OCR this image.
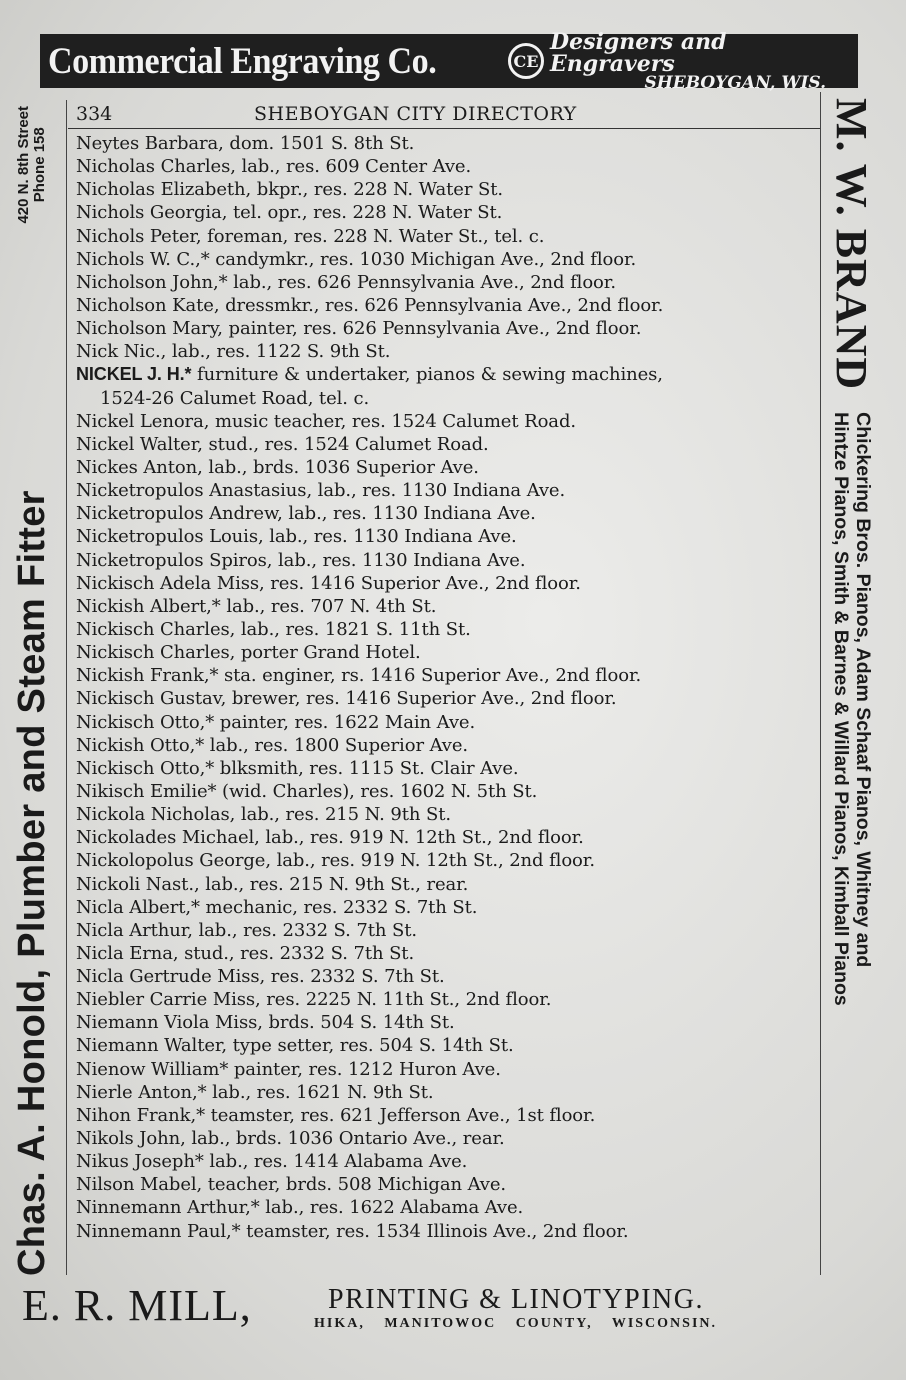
Commercial Engraving Co.	CE
Designers and Engravers
SHEBOYGAN, WIS.
Chas. A. Honold, Plumber and Steam Fitter
420 N. 8th Street
Phone 158
334	SHEBOYGAN CITY DIRECTORY
Neytes Barbara, dom. 1501 S. 8th St.
Nicholas Charles, lab., res. 609 Center Ave.
Nicholas Elizabeth, bkpr., res. 228 N. Water St.
Nichols Georgia, tel. opr., res. 228 N. Water St.
Nichols Peter, foreman, res. 228 N. Water St., tel. c.
Nichols W. C.,* candymkr., res. 1030 Michigan Ave., 2nd floor.
Nicholson John,* lab., res. 626 Pennsylvania Ave., 2nd floor.
Nicholson Kate, dressmkr., res. 626 Pennsylvania Ave., 2nd floor.
Nicholson Mary, painter, res. 626 Pennsylvania Ave., 2nd floor.
Nick Nic., lab., res. 1122 S. 9th St.
NICKEL J. H.* furniture & undertaker, pianos & sewing machines,
1524-26 Calumet Road, tel. c.
Nickel Lenora, music teacher, res. 1524 Calumet Road.
Nickel Walter, stud., res. 1524 Calumet Road.
Nickes Anton, lab., brds. 1036 Superior Ave.
Nicketropulos Anastasius, lab., res. 1130 Indiana Ave.
Nicketropulos Andrew, lab., res. 1130 Indiana Ave.
Nicketropulos Louis, lab., res. 1130 Indiana Ave.
Nicketropulos Spiros, lab., res. 1130 Indiana Ave.
Nickisch Adela Miss, res. 1416 Superior Ave., 2nd floor.
Nickish Albert,* lab., res. 707 N. 4th St.
Nickisch Charles, lab., res. 1821 S. 11th St.
Nickisch Charles, porter Grand Hotel.
Nickish Frank,* sta. enginer, rs. 1416 Superior Ave., 2nd floor.
Nickisch Gustav, brewer, res. 1416 Superior Ave., 2nd floor.
Nickisch Otto,* painter, res. 1622 Main Ave.
Nickish Otto,* lab., res. 1800 Superior Ave.
Nickisch Otto,* blksmith, res. 1115 St. Clair Ave.
Nikisch Emilie* (wid. Charles), res. 1602 N. 5th St.
Nickola Nicholas, lab., res. 215 N. 9th St.
Nickolades Michael, lab., res. 919 N. 12th St., 2nd floor.
Nickolopolus George, lab., res. 919 N. 12th St., 2nd floor.
Nickoli Nast., lab., res. 215 N. 9th St., rear.
Nicla Albert,* mechanic, res. 2332 S. 7th St.
Nicla Arthur, lab., res. 2332 S. 7th St.
Nicla Erna, stud., res. 2332 S. 7th St.
Nicla Gertrude Miss, res. 2332 S. 7th St.
Niebler Carrie Miss, res. 2225 N. 11th St., 2nd floor.
Niemann Viola Miss, brds. 504 S. 14th St.
Niemann Walter, type setter, res. 504 S. 14th St.
Nienow William* painter, res. 1212 Huron Ave.
Nierle Anton,* lab., res. 1621 N. 9th St.
Nihon Frank,* teamster, res. 621 Jefferson Ave., 1st floor.
Nikols John, lab., brds. 1036 Ontario Ave., rear.
Nikus Joseph* lab., res. 1414 Alabama Ave.
Nilson Mabel, teacher, brds. 508 Michigan Ave.
Ninnemann Arthur,* lab., res. 1622 Alabama Ave.
Ninnemann Paul,* teamster, res. 1534 Illinois Ave., 2nd floor.
M. W. BRAND
Chickering Bros. Pianos, Adam Schaaf Pianos, Whitney and
Hintze Pianos, Smith & Barnes & Willard Pianos, Kimball Pianos
E. R. MILL,	PRINTING & LINOTYPING.
HIKA, MANITOWOC COUNTY, WISCONSIN.
